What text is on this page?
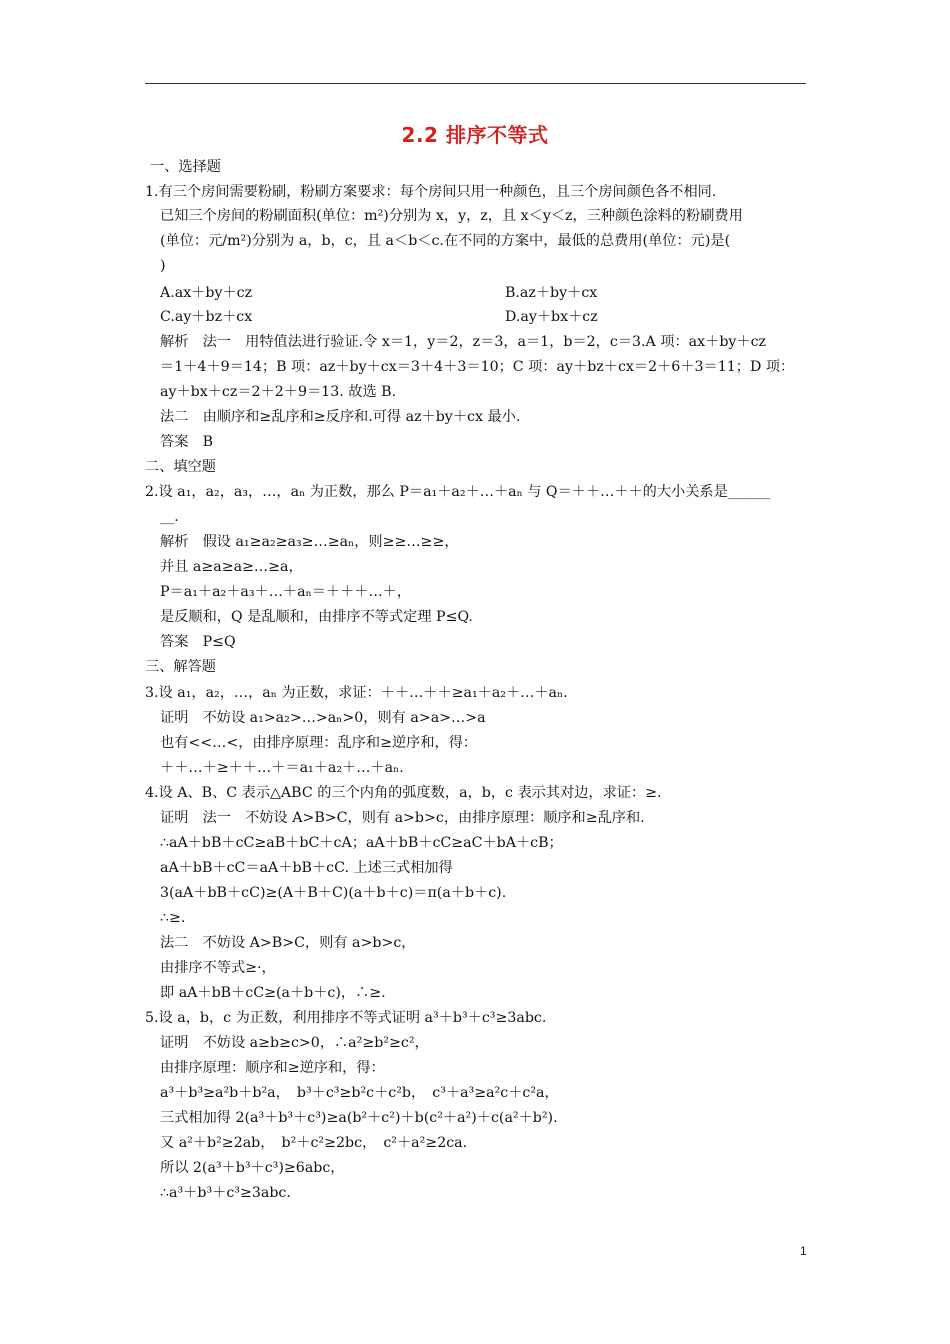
2.2 排序不等式
一、选择题
1.有三个房间需要粉刷，粉刷方案要求：每个房间只用一种颜色，且三个房间颜色各不相同.
已知三个房间的粉刷面积(单位：m²)分别为 x，y，z，且 x＜y＜z，三种颜色涂料的粉刷费用
(单位：元/m²)分别为 a，b，c，且 a＜b＜c.在不同的方案中，最低的总费用(单位：元)是(
)
A.ax＋by＋cz	B.az＋by＋cx
C.ay＋bz＋cx	D.ay＋bx＋cz
解析　法一　用特值法进行验证.令 x＝1，y＝2，z＝3，a＝1，b＝2，c＝3.A 项：ax＋by＋cz
＝1＋4＋9＝14；B 项：az＋by＋cx＝3＋4＋3＝10；C 项：ay＋bz＋cx＝2＋6＋3＝11；D 项：
ay＋bx＋cz＝2＋2＋9＝13. 故选 B.
法二　由顺序和≥乱序和≥反序和.可得 az＋by＋cx 最小.
答案　B
二、填空题
2.设 a₁，a₂，a₃，…，aₙ 为正数，那么 P＝a₁＋a₂＋…＋aₙ 与 Q＝＋＋…＋＋的大小关系是______
__.
解析　假设 a₁≥a₂≥a₃≥…≥aₙ，则≥≥…≥≥，
并且 a≥a≥a≥…≥a，
P＝a₁＋a₂＋a₃＋…＋aₙ＝＋＋＋…＋，
是反顺和，Q 是乱顺和，由排序不等式定理 P≤Q.
答案　P≤Q
三、解答题
3.设 a₁，a₂，…，aₙ 为正数，求证：＋＋…＋＋≥a₁＋a₂＋…＋aₙ.
证明　不妨设 a₁>a₂>…>aₙ>0，则有 a>a>…>a
也有<<…<，由排序原理：乱序和≥逆序和，得：
＋＋…＋≥＋＋…＋＝a₁＋a₂＋…＋aₙ.
4.设 A、B、C 表示△ABC 的三个内角的弧度数，a，b，c 表示其对边，求证：≥.
证明　法一　不妨设 A>B>C，则有 a>b>c，由排序原理：顺序和≥乱序和.
∴aA＋bB＋cC≥aB＋bC＋cA；aA＋bB＋cC≥aC＋bA＋cB；
aA＋bB＋cC＝aA＋bB＋cC. 上述三式相加得
3(aA＋bB＋cC)≥(A＋B＋C)(a＋b＋c)＝π(a＋b＋c).
∴≥.
法二　不妨设 A>B>C，则有 a>b>c，
由排序不等式≥·，
即 aA＋bB＋cC≥(a＋b＋c)，∴≥.
5.设 a，b，c 为正数，利用排序不等式证明 a³＋b³＋c³≥3abc.
证明　不妨设 a≥b≥c>0，∴a²≥b²≥c²，
由排序原理：顺序和≥逆序和，得：
a³＋b³≥a²b＋b²a，　b³＋c³≥b²c＋c²b，　c³＋a³≥a²c＋c²a，
三式相加得 2(a³＋b³＋c³)≥a(b²＋c²)＋b(c²＋a²)＋c(a²＋b²).
又 a²＋b²≥2ab，　b²＋c²≥2bc，　c²＋a²≥2ca.
所以 2(a³＋b³＋c³)≥6abc，
∴a³＋b³＋c³≥3abc.
1
